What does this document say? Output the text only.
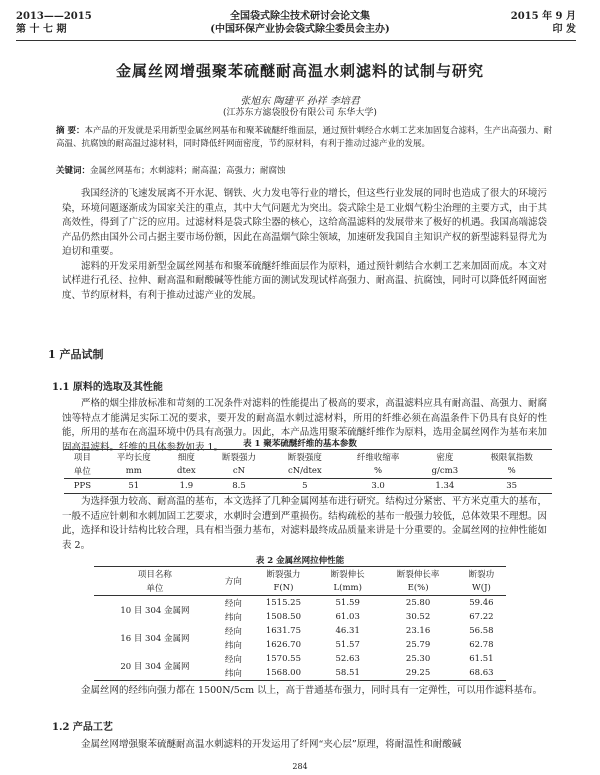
2013——2015
第 十 七 期
全国袋式除尘技术研讨会论文集
(中国环保产业协会袋式除尘委员会主办)
2015 年 9 月
印 发
金属丝网增强聚苯硫醚耐高温水刺滤料的试制与研究
张旭东 陶建平 孙祥 李培君
(江苏东方滤袋股份有限公司 东华大学)
摘 要：本产品的开发就是采用新型金属丝网基布和聚苯硫醚纤维面层，通过预针刺经合水刺工艺来加固复合滤料，生产出高强力、耐高温、抗腐蚀的耐高温过滤材料，同时降低纤网面密度，节约原材料，有利于推动过滤产业的发展。
关键词：金属丝网基布；水刺滤料；耐高温；高强力；耐腐蚀

我国经济的飞速发展离不开水泥、钢铁、火力发电等行业的增长，但这些行业发展的同时也造成了很大的环境污染，环境问题逐渐成为国家关注的重点，其中大气问题尤为突出。袋式除尘是工业烟气粉尘治理的主要方式，由于其高效性，得到了广泛的应用。过滤材料是袋式除尘器的核心，这给高温滤料的发展带来了极好的机遇。我国高端滤袋产品仍然由国外公司占据主要市场份额，因此在高温烟气除尘领域，加速研发我国自主知识产权的新型滤料显得尤为迫切和重要。

滤料的开发采用新型金属丝网基布和聚苯硫醚纤维面层作为原料，通过预针刺结合水刺工艺来加固而成。本文对试样进行孔径、拉伸、耐高温和耐酸碱等性能方面的测试发现试样高强力、耐高温、抗腐蚀，同时可以降低纤网面密度、节约原材料，有利于推动过滤产业的发展。

1 产品试制
1.1 原料的选取及其性能

严格的烟尘排放标准和苛刻的工况条件对滤料的性能提出了极高的要求，高温滤料应具有耐高温、高强力、耐腐蚀等特点才能满足实际工况的要求，要开发的耐高温水刺过滤材料，所用的纤维必须在高温条件下仍具有良好的性能，所用的基布在高温环境中仍具有高强力。因此，本产品选用聚苯硫醚纤维作为原料，选用金属丝网作为基布来加固高温滤料。纤维的具体参数如表 1。	表 1 聚苯硫醚纤维的基本参数
项目	平均长度	细度	断裂强力	断裂强度	纤维收缩率	密度	极限氧指数
单位	mm	dtex	cN	cN/dtex	%	g/cm3	%
PPS	51	1.9	8.5	5	3.0	1.34	35

为选择强力较高、耐高温的基布，本文选择了几种金属网基布进行研究。结构过分紧密、平方米克重大的基布，一般不适应针刺和水刺加固工艺要求，水刺时会遭到严重损伤。结构疏松的基布一般强力较低，总体效果不理想。因此，选择和设计结构比较合理，具有相当强力基布，对滤料最终成品质量来讲是十分重要的。金属丝网的拉伸性能如表 2。

表 2 金属丝网拉伸性能
项目名称	方向	断裂强力	断裂伸长	断裂伸长率	断裂功
单位		F(N)	L(mm)	E(%)	W(J)
10 目 304 金属网	经向	1515.25	51.59	25.80	59.46
	纬向	1508.50	61.03	30.52	67.22
16 目 304 金属网	经向	1631.75	46.31	23.16	56.58
	纬向	1626.70	51.57	25.79	62.78
20 目 304 金属网	经向	1570.55	52.63	25.30	61.51
	纬向	1568.00	58.51	29.25	68.63

金属丝网的经纬向强力都在 1500N/5cm 以上，高于普通基布强力，同时具有一定弹性，可以用作滤料基布。

1.2 产品工艺

金属丝网增强聚苯硫醚耐高温水刺滤料的开发运用了纤网“夹心层”原理，将耐温性和耐酸碱

284
